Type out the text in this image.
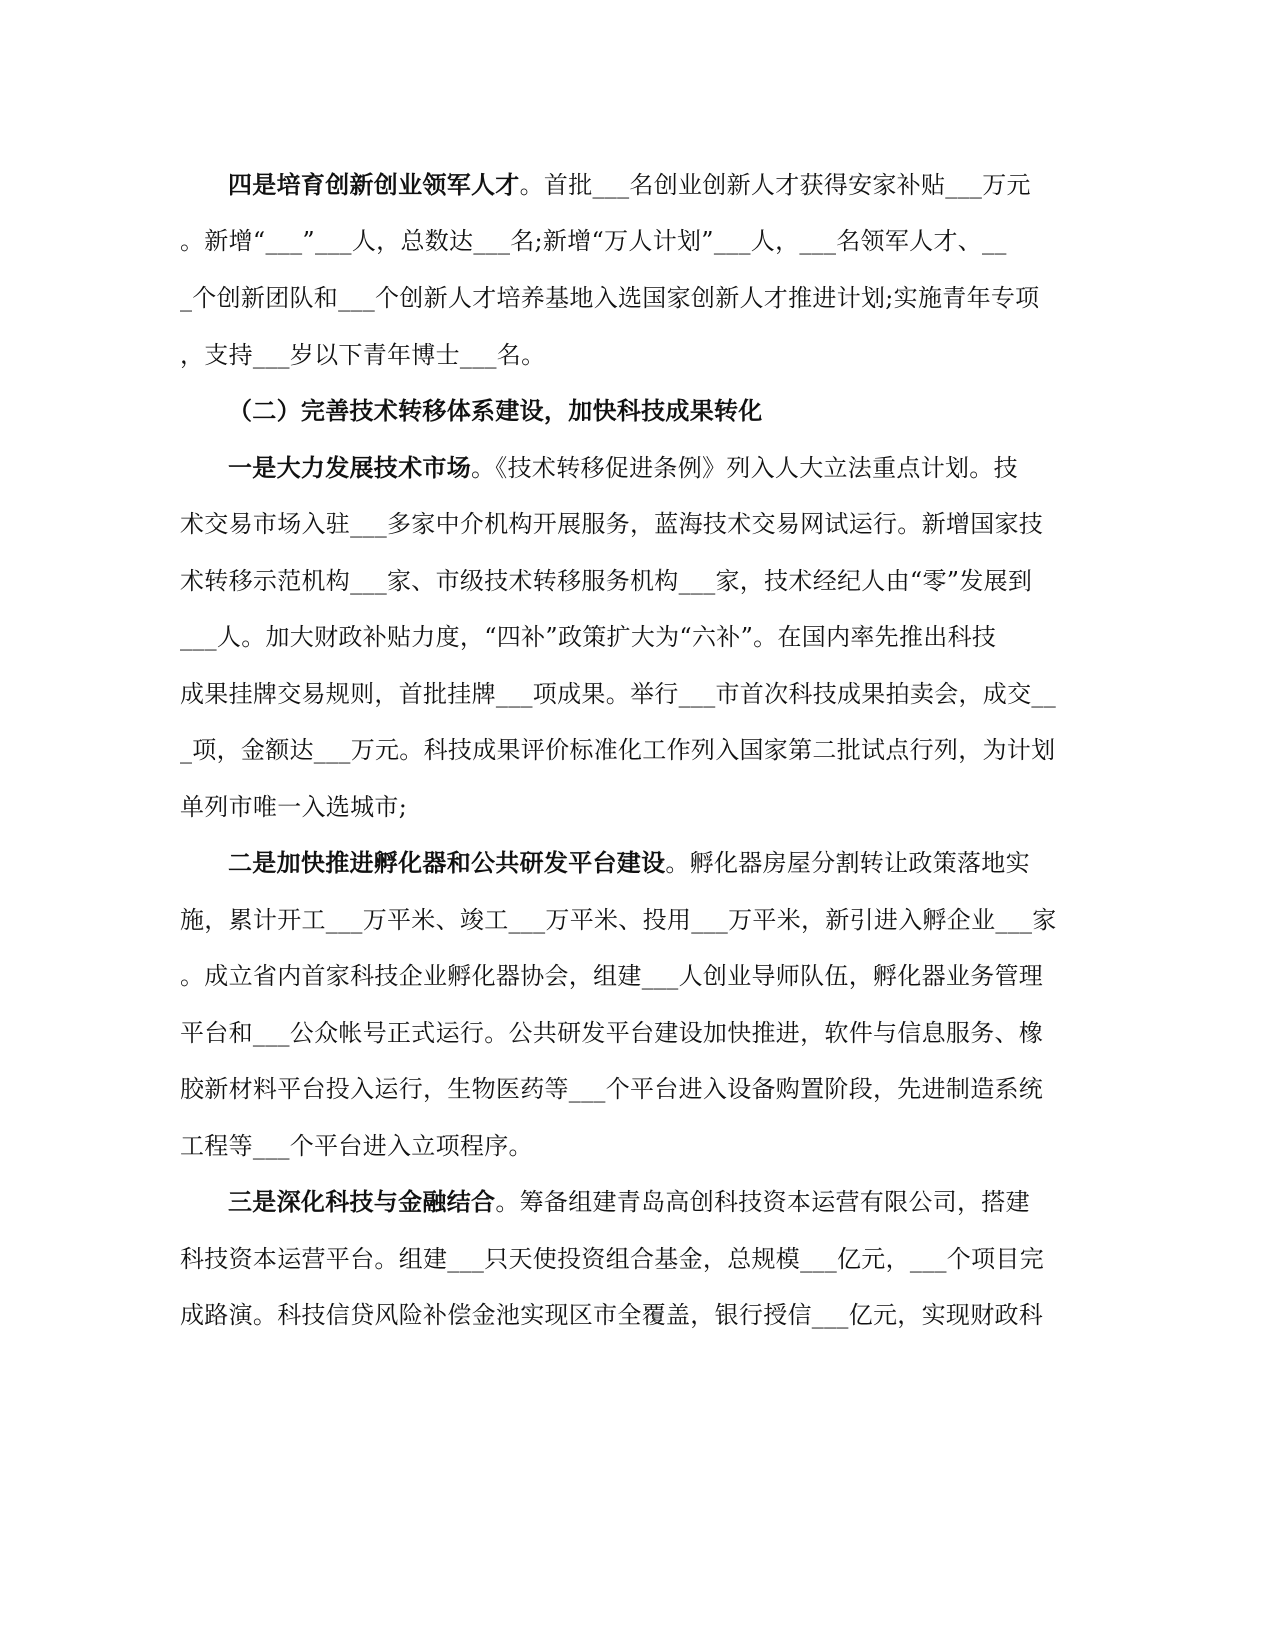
四是培育创新创业领军人才。首批___名创业创新人才获得安家补贴___万元
。新增“___”___人，总数达___名;新增“万人计划”___人，___名领军人才、__
_个创新团队和___个创新人才培养基地入选国家创新人才推进计划;实施青年专项
，支持___岁以下青年博士___名。
（二）完善技术转移体系建设，加快科技成果转化
一是大力发展技术市场。《技术转移促进条例》列入人大立法重点计划。技
术交易市场入驻___多家中介机构开展服务，蓝海技术交易网试运行。新增国家技
术转移示范机构___家、市级技术转移服务机构___家，技术经纪人由“零”发展到
___人。加大财政补贴力度，“四补”政策扩大为“六补”。在国内率先推出科技
成果挂牌交易规则，首批挂牌___项成果。举行___市首次科技成果拍卖会，成交__
_项，金额达___万元。科技成果评价标准化工作列入国家第二批试点行列，为计划
单列市唯一入选城市;
二是加快推进孵化器和公共研发平台建设。孵化器房屋分割转让政策落地实
施，累计开工___万平米、竣工___万平米、投用___万平米，新引进入孵企业___家
。成立省内首家科技企业孵化器协会，组建___人创业导师队伍，孵化器业务管理
平台和___公众帐号正式运行。公共研发平台建设加快推进，软件与信息服务、橡
胶新材料平台投入运行，生物医药等___个平台进入设备购置阶段，先进制造系统
工程等___个平台进入立项程序。
三是深化科技与金融结合。筹备组建青岛高创科技资本运营有限公司，搭建
科技资本运营平台。组建___只天使投资组合基金，总规模___亿元，___个项目完
成路演。科技信贷风险补偿金池实现区市全覆盖，银行授信___亿元，实现财政科
